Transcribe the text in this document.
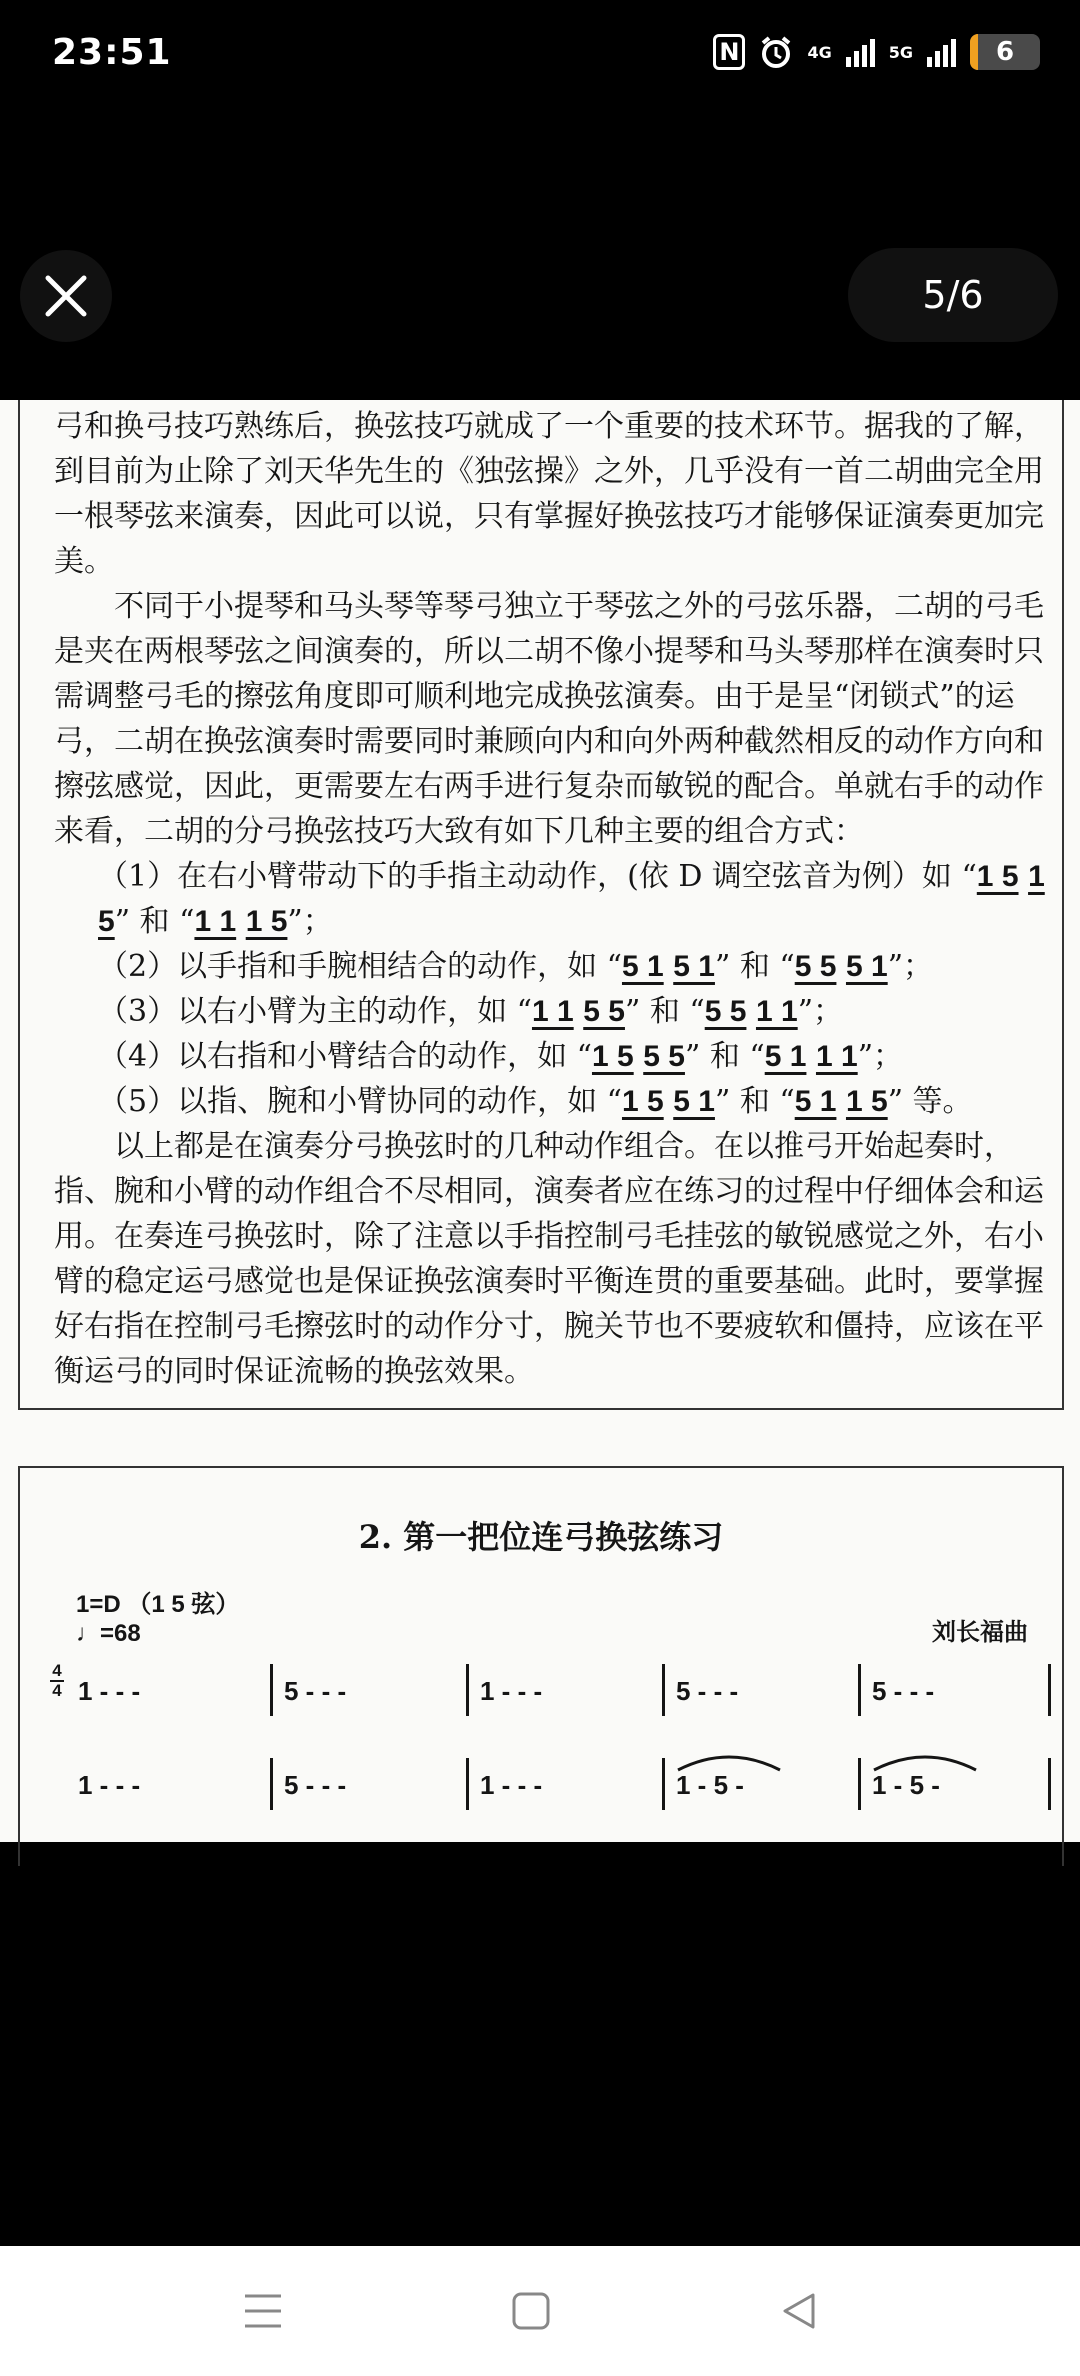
23:51	N	4G	5G	6
5/6

弓和换弓技巧熟练后，换弦技巧就成了一个重要的技术环节。据我的了解，到目前为止除了刘天华先生的《独弦操》之外，几乎没有一首二胡曲完全用一根琴弦来演奏，因此可以说，只有掌握好换弦技巧才能够保证演奏更加完美。

不同于小提琴和马头琴等琴弓独立于琴弦之外的弓弦乐器，二胡的弓毛是夹在两根琴弦之间演奏的，所以二胡不像小提琴和马头琴那样在演奏时只需调整弓毛的擦弦角度即可顺利地完成换弦演奏。由于是呈“闭锁式”的运弓，二胡在换弦演奏时需要同时兼顾向内和向外两种截然相反的动作方向和擦弦感觉，因此，更需要左右两手进行复杂而敏锐的配合。单就右手的动作来看，二胡的分弓换弦技巧大致有如下几种主要的组合方式：

（1）在右小臂带动下的手指主动动作，(依 D 调空弦音为例）如 “1 5 1 5” 和 “1 1 1 5”；

（2）以手指和手腕相结合的动作，如 “5 1 5 1” 和 “5 5 5 1”；

（3）以右小臂为主的动作，如 “1 1 5 5” 和 “5 5 1 1”；

（4）以右指和小臂结合的动作，如 “1 5 5 5” 和 “5 1 1 1”；

（5）以指、腕和小臂协同的动作，如 “1 5 5 1” 和 “5 1 1 5” 等。

以上都是在演奏分弓换弦时的几种动作组合。在以推弓开始起奏时，指、腕和小臂的动作组合不尽相同，演奏者应在练习的过程中仔细体会和运用。在奏连弓换弦时，除了注意以手指控制弓毛挂弦的敏锐感觉之外，右小臂的稳定运弓感觉也是保证换弦演奏时平衡连贯的重要基础。此时，要掌握好右指在控制弓毛擦弦时的动作分寸，腕关节也不要疲软和僵持，应该在平衡运弓的同时保证流畅的换弦效果。

2. 第一把位连弓换弦练习
1=D （1 5 弦）
♩=68	刘长福曲
4
4 1 - - -	5 - - -	1 - - -	5 - - -	5 - - -
1 - - -	5 - - -	1 - - -	1 - 5 -	1 - 5 -
